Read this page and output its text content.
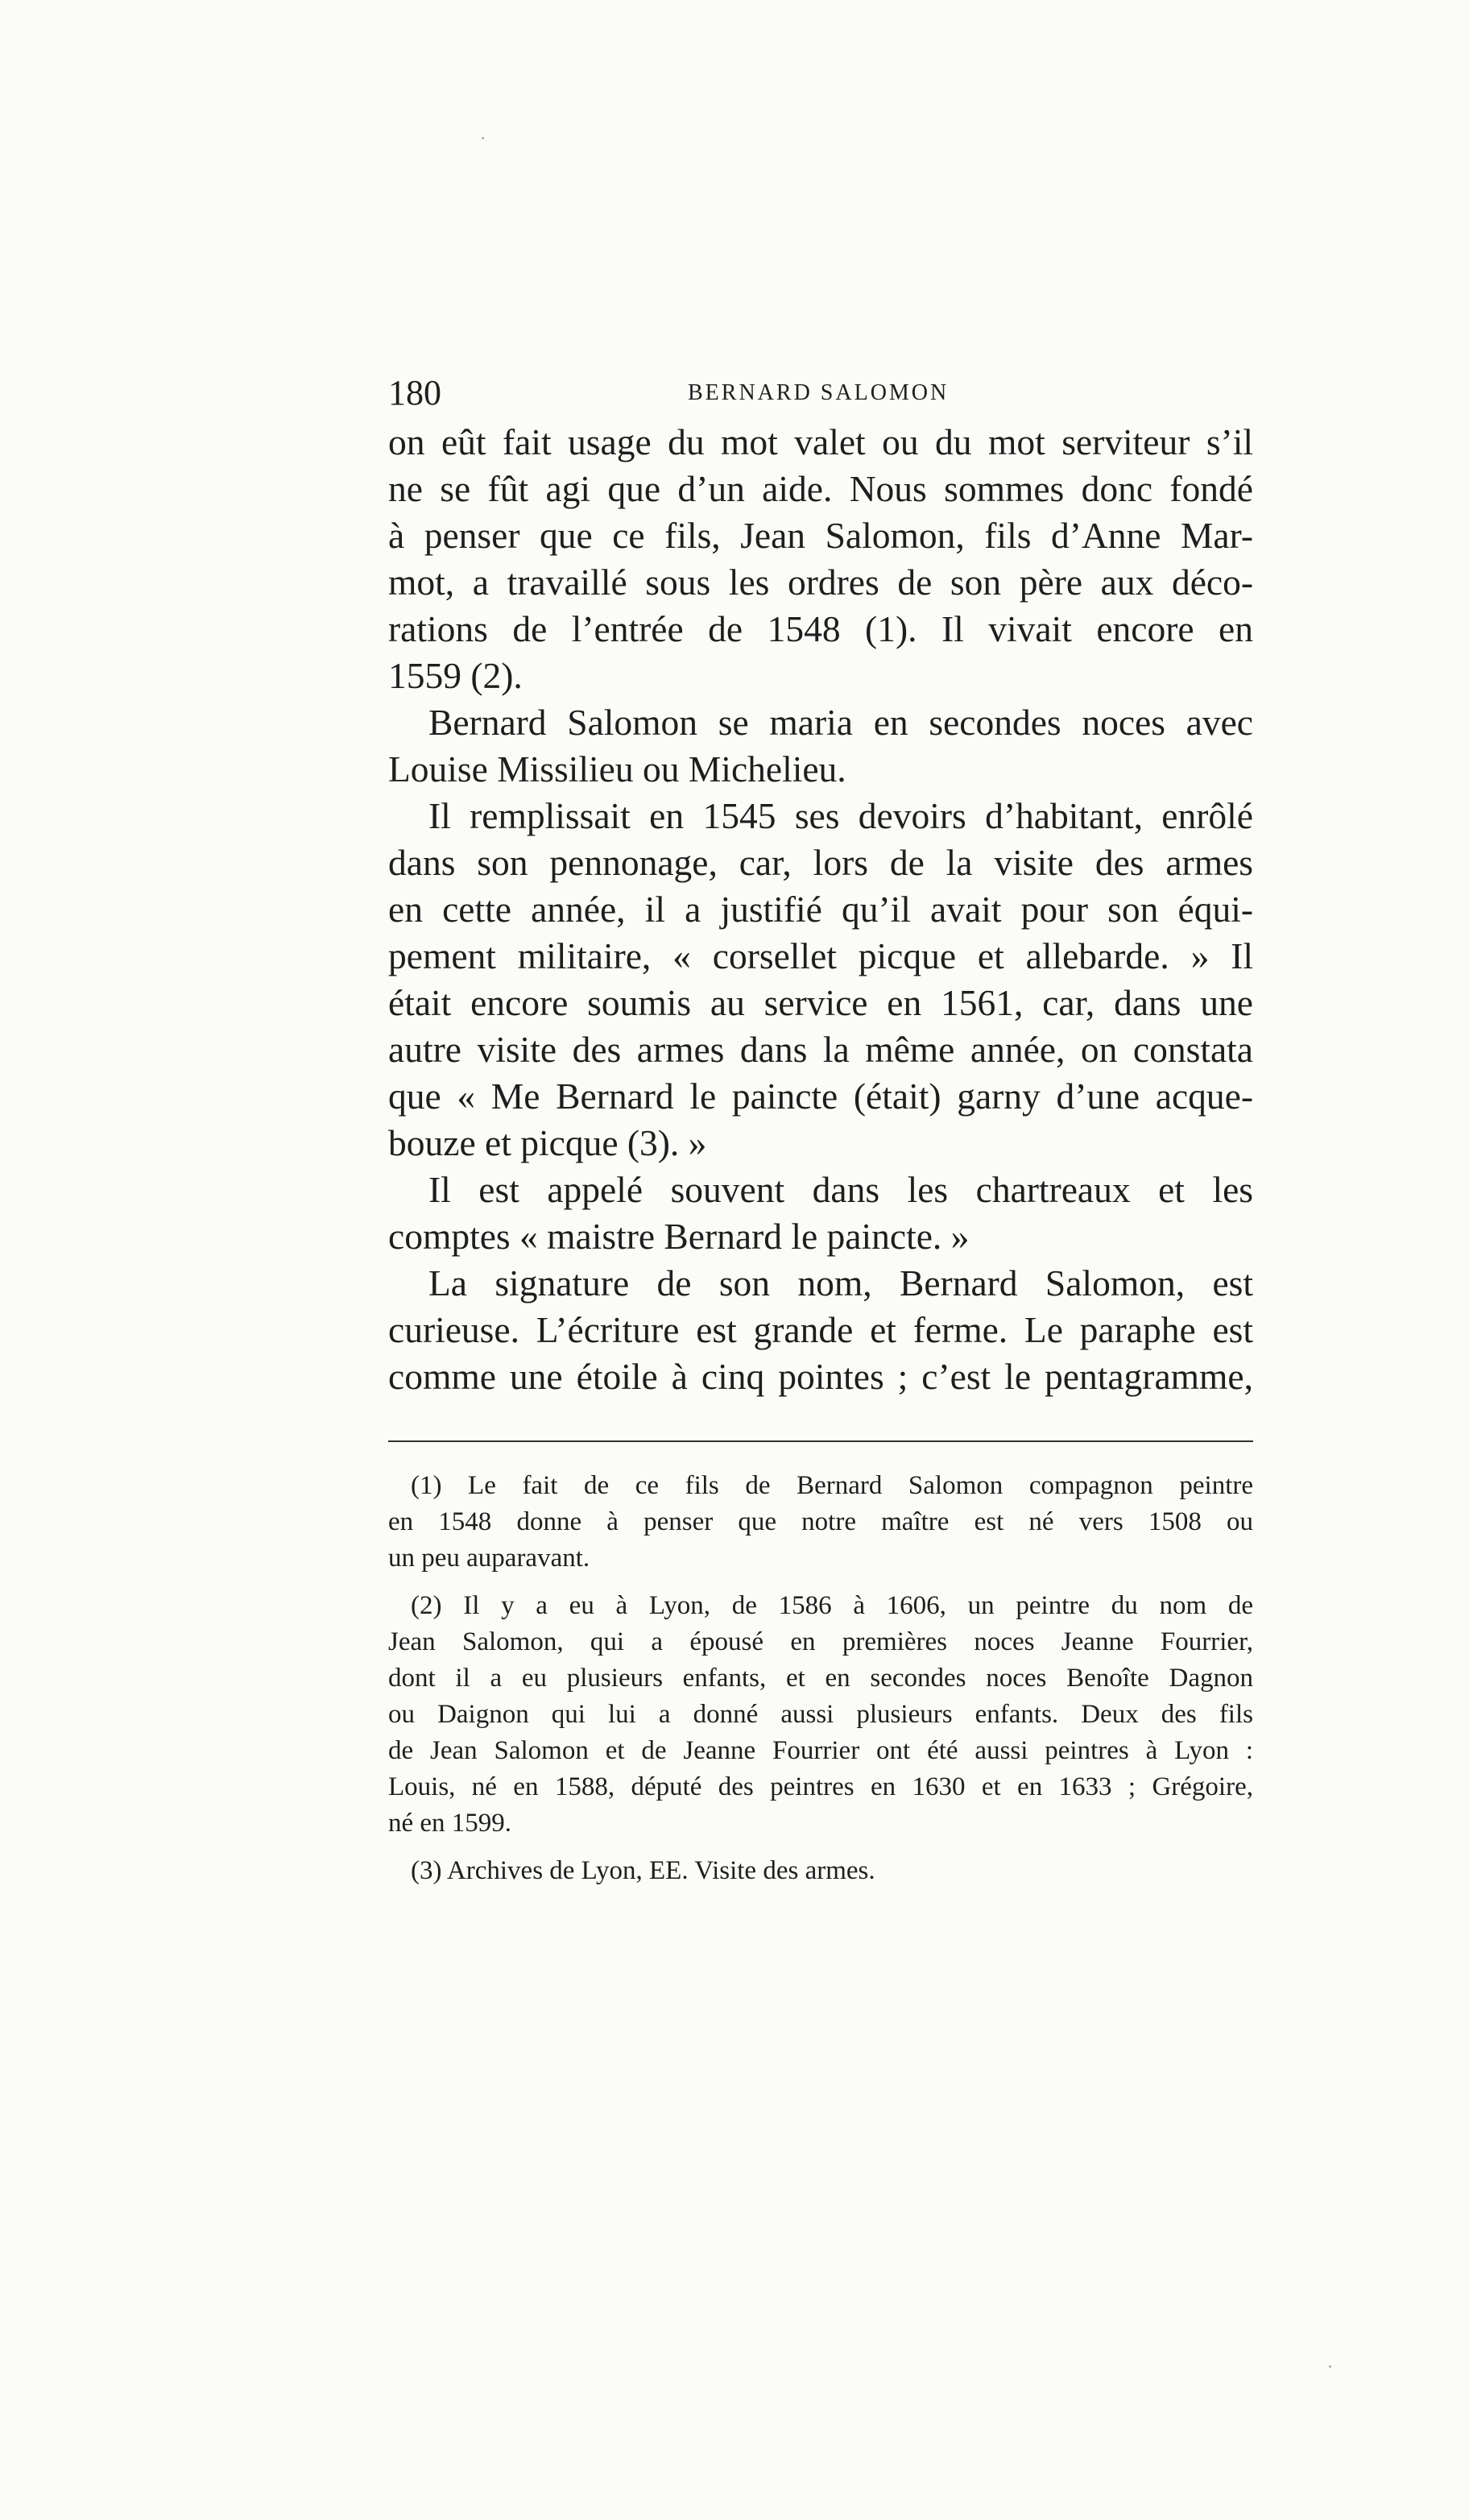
180	BERNARD SALOMON
on eût fait usage du mot valet ou du mot serviteur s’il
ne se fût agi que d’un aide. Nous sommes donc fondé
à penser que ce fils, Jean Salomon, fils d’Anne Mar-
mot, a travaillé sous les ordres de son père aux déco-
rations de l’entrée de 1548 (1). Il vivait encore en
1559 (2).
Bernard Salomon se maria en secondes noces avec
Louise Missilieu ou Michelieu.
Il remplissait en 1545 ses devoirs d’habitant, enrôlé
dans son pennonage, car, lors de la visite des armes
en cette année, il a justifié qu’il avait pour son équi-
pement militaire, « corsellet picque et allebarde. » Il
était encore soumis au service en 1561, car, dans une
autre visite des armes dans la même année, on constata
que « Me Bernard le paincte (était) garny d’une acque-
bouze et picque (3). »
Il est appelé souvent dans les chartreaux et les
comptes « maistre Bernard le paincte. »
La signature de son nom, Bernard Salomon, est
curieuse. L’écriture est grande et ferme. Le paraphe est
comme une étoile à cinq pointes ; c’est le pentagramme,
(1) Le fait de ce fils de Bernard Salomon compagnon peintre
en 1548 donne à penser que notre maître est né vers 1508 ou
un peu auparavant.
(2) Il y a eu à Lyon, de 1586 à 1606, un peintre du nom de
Jean Salomon, qui a épousé en premières noces Jeanne Fourrier,
dont il a eu plusieurs enfants, et en secondes noces Benoîte Dagnon
ou Daignon qui lui a donné aussi plusieurs enfants. Deux des fils
de Jean Salomon et de Jeanne Fourrier ont été aussi peintres à Lyon :
Louis, né en 1588, député des peintres en 1630 et en 1633 ; Grégoire,
né en 1599.
(3) Archives de Lyon, EE. Visite des armes.
